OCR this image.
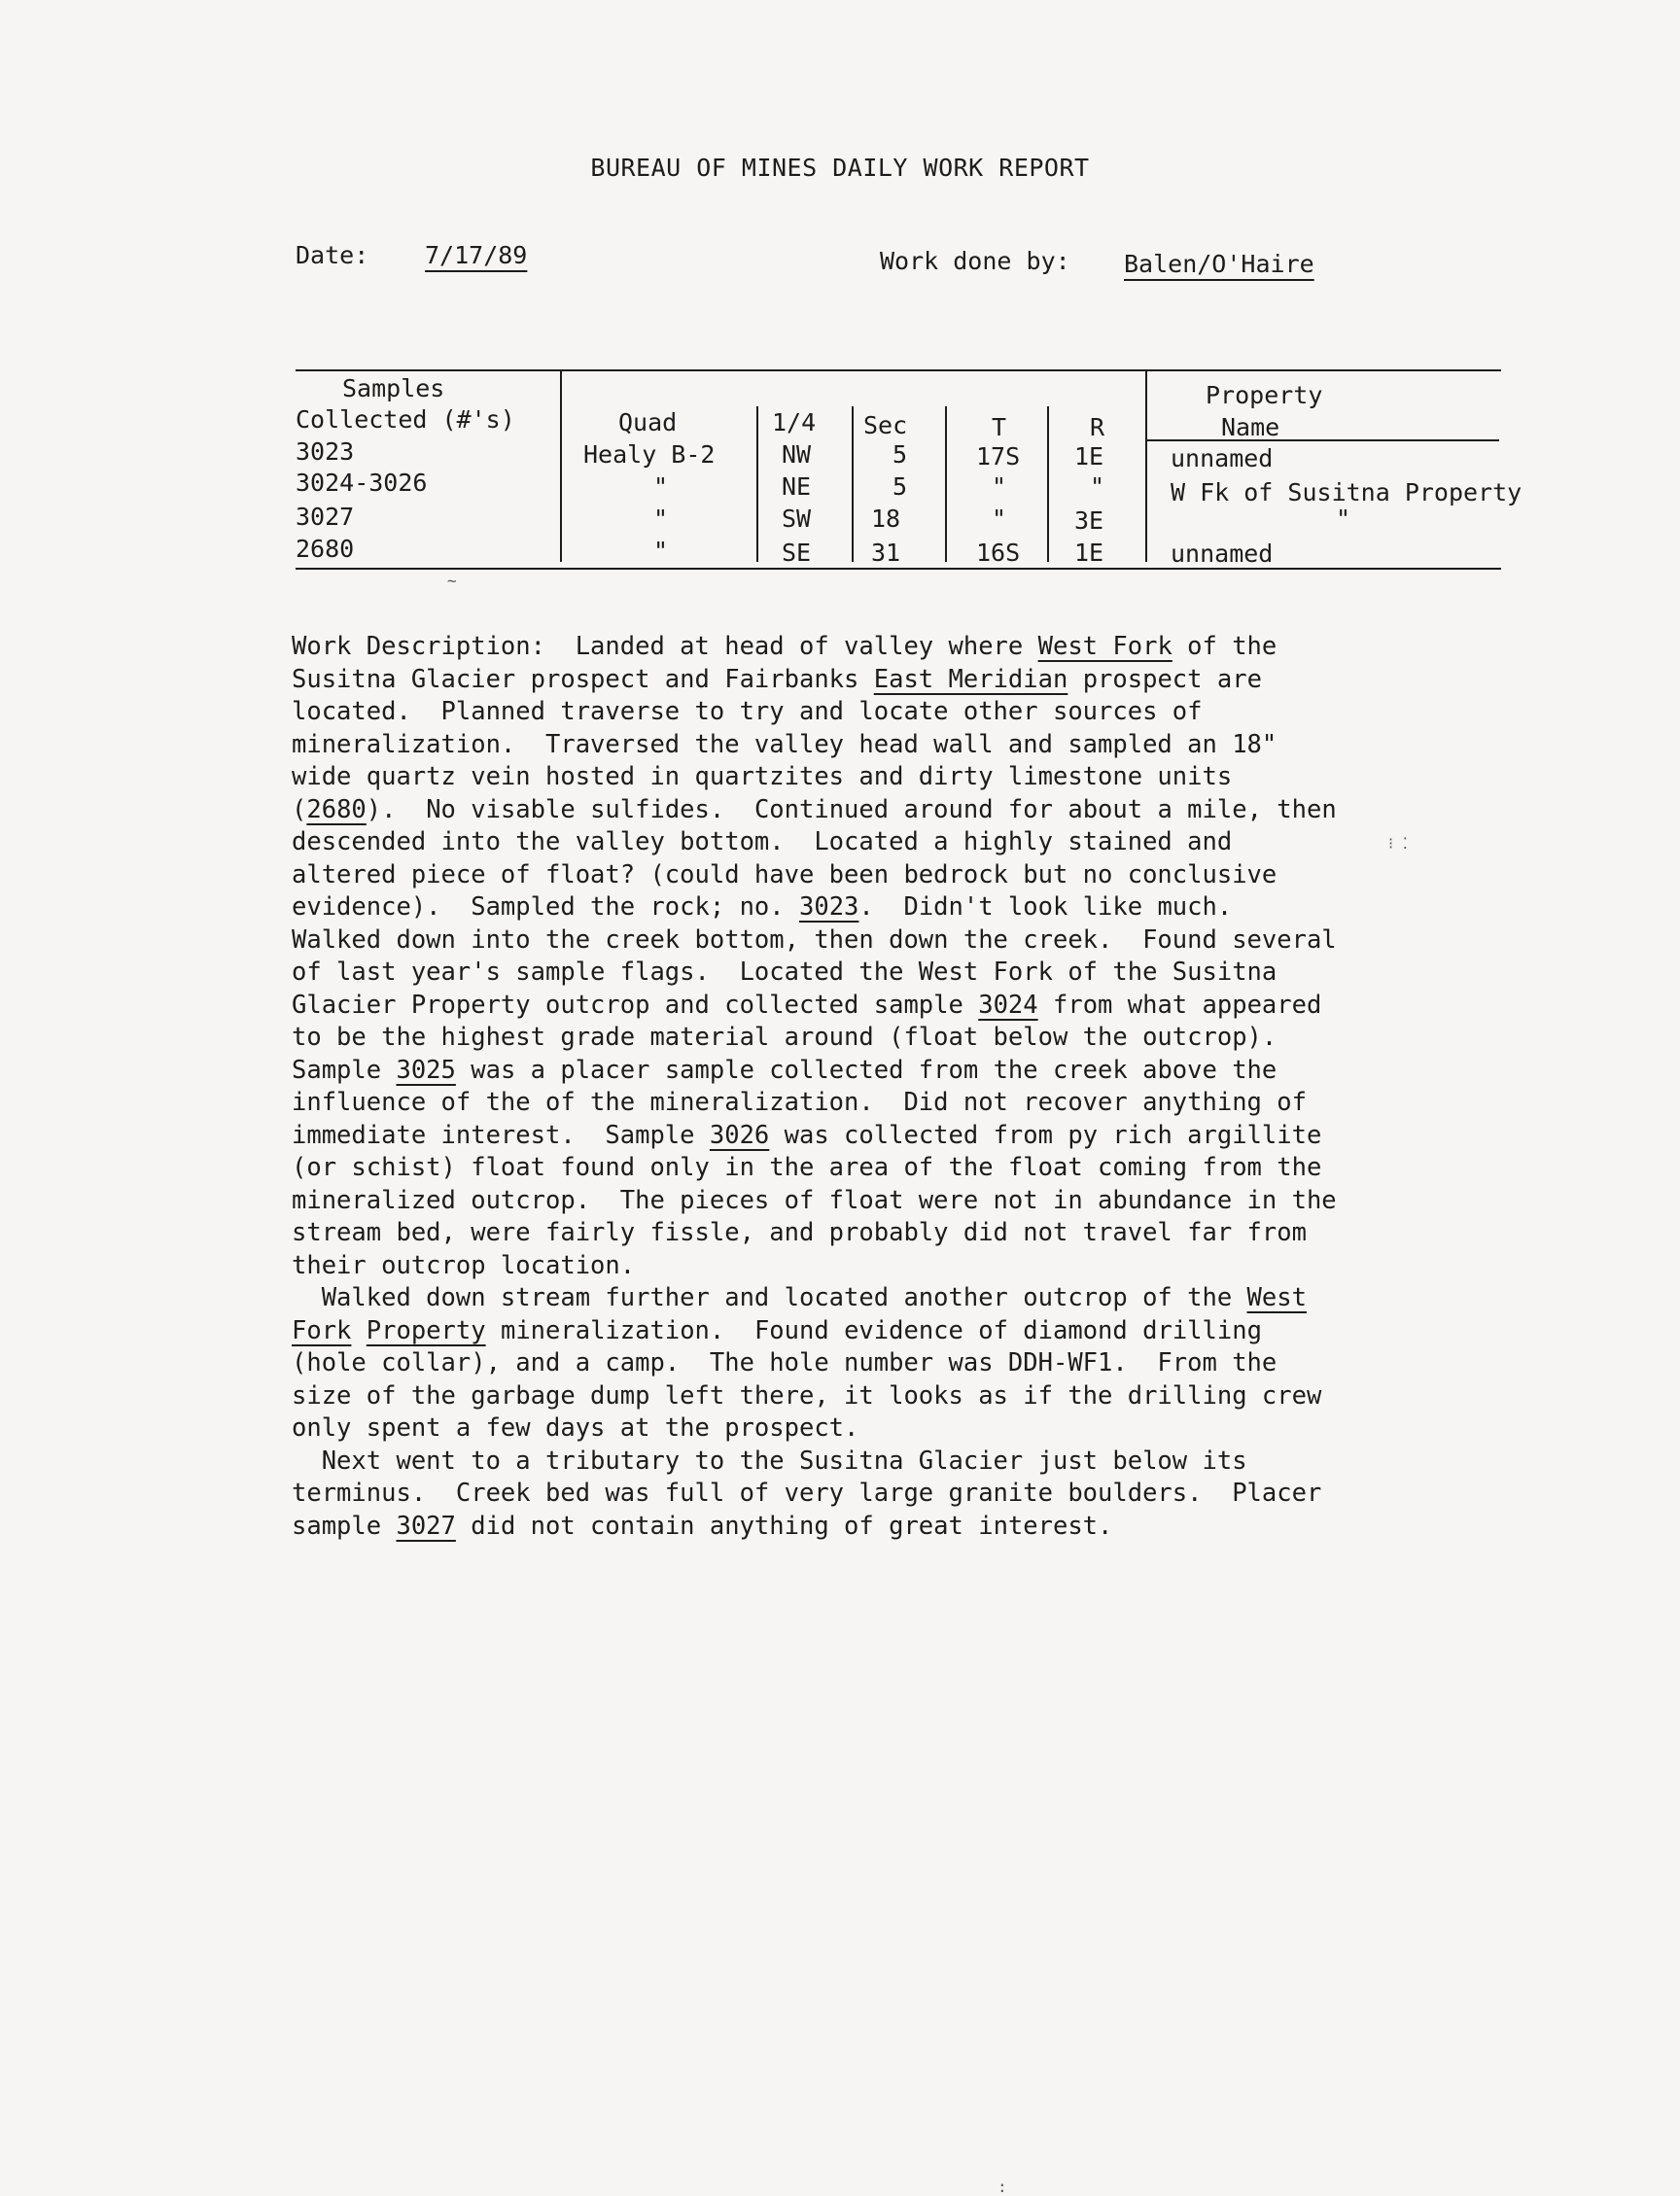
BUREAU OF MINES DAILY WORK REPORT
Date: 7/17/89	Work done by: Balen/O'Haire
Samples
Collected (#'s)	Quad	1/4 Sec	T	R
Property
Name
3023	Healy B-2	NW	5	17S 1E	unnamed
3024-3026	"	NE	5	"	"	W Fk of Susitna Property
3027	"	SW 18	"	3E	"
2680	"	SE 31	16S 1E	unnamed
~
Work Description:  Landed at head of valley where West Fork of the
Susitna Glacier prospect and Fairbanks East Meridian prospect are
located.  Planned traverse to try and locate other sources of
mineralization.  Traversed the valley head wall and sampled an 18"
wide quartz vein hosted in quartzites and dirty limestone units
(2680).  No visable sulfides.  Continued around for about a mile, then
descended into the valley bottom.  Located a highly stained and
altered piece of float? (could have been bedrock but no conclusive
evidence).  Sampled the rock; no. 3023.  Didn't look like much.
Walked down into the creek bottom, then down the creek.  Found several
of last year's sample flags.  Located the West Fork of the Susitna
Glacier Property outcrop and collected sample 3024 from what appeared
to be the highest grade material around (float below the outcrop).
Sample 3025 was a placer sample collected from the creek above the
influence of the of the mineralization.  Did not recover anything of
immediate interest.  Sample 3026 was collected from py rich argillite
(or schist) float found only in the area of the float coming from the
mineralized outcrop.  The pieces of float were not in abundance in the
stream bed, were fairly fissle, and probably did not travel far from
their outcrop location.
Walked down stream further and located another outcrop of the West
Fork Property mineralization.  Found evidence of diamond drilling
(hole collar), and a camp.  The hole number was DDH-WF1.  From the
size of the garbage dump left there, it looks as if the drilling crew
only spent a few days at the prospect.
Next went to a tributary to the Susitna Glacier just below its
terminus.  Creek bed was full of very large granite boulders.  Placer
sample 3027 did not contain anything of great interest.
⁝ ⁚
:
